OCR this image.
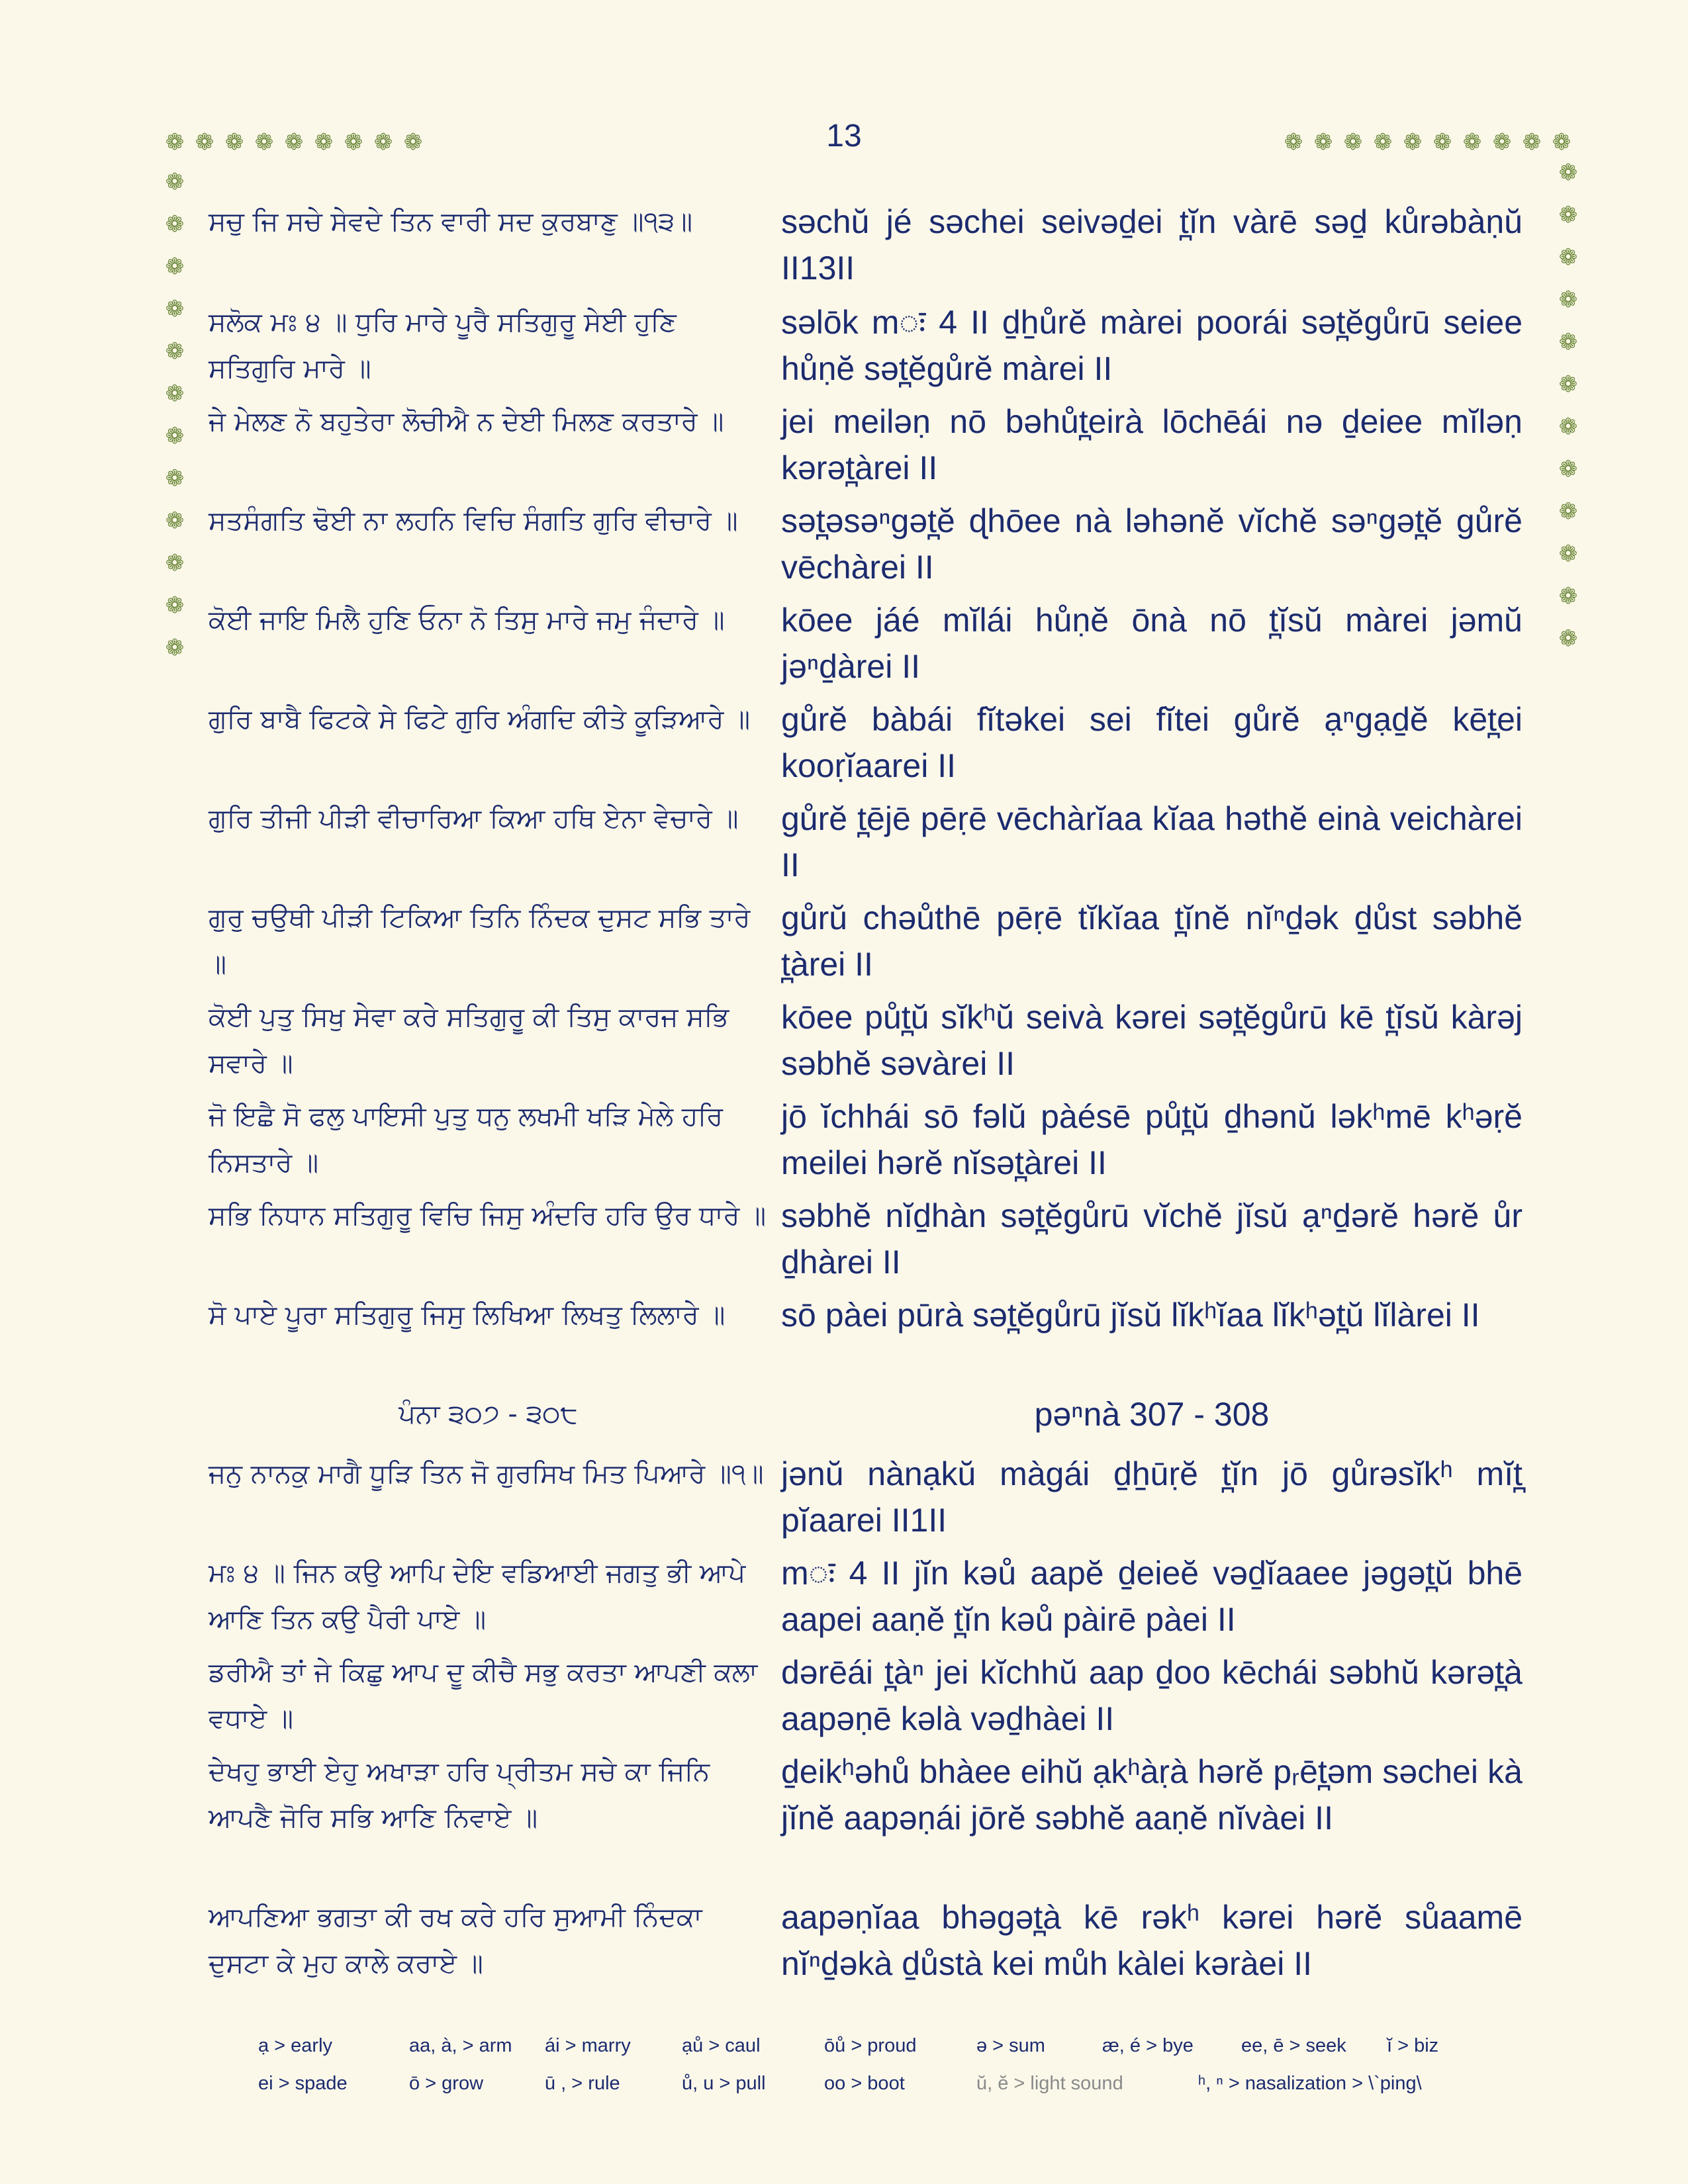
13
❁ ❁ ❁ ❁ ❁ ❁ ❁ ❁ ❁
❁
❁
❁
❁
❁
❁
❁
❁
❁
❁
❁
❁
❁ ❁ ❁ ❁ ❁ ❁ ❁ ❁ ❁ ❁
❁
❁
❁
❁
❁
❁
❁
❁
❁
❁
❁
❁
ਸਚੁ ਜਿ ਸਚੇ ਸੇਵਦੇ ਤਿਨ ਵਾਰੀ ਸਦ ਕੁਰਬਾਣੁ ॥੧੩॥	səchŭ jé səchei seivəd̠ei t̪ĭn vàrē səd̠ kůrəbàṇŭ II13II
ਸਲੋਕ ਮਃ ੪ ॥ ਧੁਰਿ ਮਾਰੇ ਪੂਰੈ ਸਤਿਗੁਰੂ ਸੇਈ ਹੁਣਿ ਸਤਿਗੁਰਿ ਮਾਰੇ ॥
səlōk mः 4 II d̠h̠ůrĕ màrei poorái sət̪ĕgůrū seiee hůṇĕ sət̪ĕgůrĕ màrei II
ਜੇ ਮੇਲਣ ਨੋ ਬਹੁਤੇਰਾ ਲੋਚੀਐ ਨ ਦੇਈ ਮਿਲਣ ਕਰਤਾਰੇ ॥	jei meiləṇ nō bəhůt̪eirà lōchēái nə d̠eiee mĭləṇ kərət̪àrei II
ਸਤਸੰਗਤਿ ਢੋਈ ਨਾ ਲਹਨਿ ਵਿਚਿ ਸੰਗਤਿ ਗੁਰਿ ਵੀਚਾਰੇ ॥	sət̪əsəⁿgət̪ĕ ɖhōee nà ləhənĕ vĭchĕ səⁿgət̪ĕ gůrĕ vēchàrei II
ਕੋਈ ਜਾਇ ਮਿਲੈ ਹੁਣਿ ਓਨਾ ਨੋ ਤਿਸੁ ਮਾਰੇ ਜਮੁ ਜੰਦਾਰੇ ॥	kōee jáé mĭlái hůṇĕ ōnà nō t̪ĭsŭ màrei jəmŭ jəⁿd̠àrei II
ਗੁਰਿ ਬਾਬੈ ਫਿਟਕੇ ਸੇ ਫਿਟੇ ਗੁਰਿ ਅੰਗਦਿ ਕੀਤੇ ਕੂੜਿਆਰੇ ॥ gůrĕ bàbái fĭtəkei sei fĭtei gůrĕ ạⁿgạd̠ĕ kēt̪ei kooṛĭaarei II
ਗੁਰਿ ਤੀਜੀ ਪੀੜੀ ਵੀਚਾਰਿਆ ਕਿਆ ਹਥਿ ਏਨਾ ਵੇਚਾਰੇ ॥	gůrĕ t̪ējē pēṛē vēchàrĭaa kĭaa həthĕ einà veichàrei II
ਗੁਰੁ ਚਉਥੀ ਪੀੜੀ ਟਿਕਿਆ ਤਿਨਿ ਨਿੰਦਕ ਦੁਸਟ ਸਭਿ ਤਾਰੇ ॥
gůrŭ chəůthē pēṛē tĭkĭaa t̪ĭnĕ nĭⁿd̠ək d̠ůst səbhĕ t̪àrei II
ਕੋਈ ਪੁਤੁ ਸਿਖੁ ਸੇਵਾ ਕਰੇ ਸਤਿਗੁਰੂ ਕੀ ਤਿਸੁ ਕਾਰਜ ਸਭਿ ਸਵਾਰੇ ॥
kōee půt̪ŭ sĭkʰŭ seivà kərei sət̪ĕgůrū kē t̪ĭsŭ kàrəj səbhĕ səvàrei II
ਜੋ ਇਛੈ ਸੋ ਫਲੁ ਪਾਇਸੀ ਪੁਤੁ ਧਨੁ ਲਖਮੀ ਖੜਿ ਮੇਲੇ ਹਰਿ ਨਿਸਤਾਰੇ ॥
jō ĭchhái sō fəlŭ pàésē půt̪ŭ d̠hənŭ ləkʰmē kʰəṛĕ meilei hərĕ nĭsət̪àrei II
ਸਭਿ ਨਿਧਾਨ ਸਤਿਗੁਰੂ ਵਿਚਿ ਜਿਸੁ ਅੰਦਰਿ ਹਰਿ ਉਰ ਧਾਰੇ ॥ səbhĕ nĭd̠hàn sət̪ĕgůrū vĭchĕ jĭsŭ ạⁿd̠ərĕ hərĕ ůr d̠hàrei II
ਸੋ ਪਾਏ ਪੂਰਾ ਸਤਿਗੁਰੂ ਜਿਸੁ ਲਿਖਿਆ ਲਿਖਤੁ ਲਿਲਾਰੇ ॥	sō pàei pūrà sət̪ĕgůrū jĭsŭ lĭkʰĭaa lĭkʰət̪ŭ lĭlàrei II
ਪੰਨਾ ੩੦੭ - ੩੦੮	pəⁿnà 307 - 308
ਜਨੁ ਨਾਨਕੁ ਮਾਗੈ ਧੂੜਿ ਤਿਨ ਜੋ ਗੁਰਸਿਖ ਮਿਤ ਪਿਆਰੇ ॥੧॥ jənŭ nànạkŭ màgái d̠h̠ūṛĕ t̪ĭn jō gůrəsĭkʰ mĭt̪ pĭaarei II1II
ਮਃ ੪ ॥ ਜਿਨ ਕਉ ਆਪਿ ਦੇਇ ਵਡਿਆਈ ਜਗਤੁ ਭੀ ਆਪੇ ਆਣਿ ਤਿਨ ਕਉ ਪੈਰੀ ਪਾਏ ॥
mः 4 II jĭn kəů aapĕ d̠eieĕ vəd̠ĭaaee jəgət̪ŭ bhē aapei aaṇĕ t̪ĭn kəů pàirē pàei II
ਡਰੀਐ ਤਾਂ ਜੇ ਕਿਛੁ ਆਪ ਦੂ ਕੀਚੈ ਸਭੁ ਕਰਤਾ ਆਪਣੀ ਕਲਾ ਵਧਾਏ ॥
dərēái t̪àⁿ jei kĭchhŭ aap d̠oo kēchái səbhŭ kərət̪à aapəṇē kəlà vəd̠hàei II
ਦੇਖਹੁ ਭਾਈ ਏਹੁ ਅਖਾੜਾ ਹਰਿ ਪ੍ਰੀਤਮ ਸਚੇ ਕਾ ਜਿਨਿ ਆਪਣੈ ਜੋਰਿ ਸਭਿ ਆਣਿ ਨਿਵਾਏ ॥
d̠eikʰəhů bhàee eihŭ ạkʰàṛà hərĕ pᵣēt̪əm səchei kà jĭnĕ aapəṇái jōrĕ səbhĕ aaṇĕ nĭvàei II
ਆਪਣਿਆ ਭਗਤਾ ਕੀ ਰਖ ਕਰੇ ਹਰਿ ਸੁਆਮੀ ਨਿੰਦਕਾ ਦੁਸਟਾ ਕੇ ਮੁਹ ਕਾਲੇ ਕਰਾਏ ॥
aapəṇĭaa bhəgət̪à kē rəkʰ kərei hərĕ sůaamē nĭⁿd̠əkà d̠ůstà kei můh kàlei kəràei II
ạ > early	aa, à, > arm ái > marry	ạů > caul	ōů > proud	ə > sum	æ, é > bye ee, ē > seek ĭ > biz
ei > spade	ō > grow	ū , > rule	ů, u > pull	oo > boot	ŭ, ĕ > light sound	ʰ, ⁿ > nasalization > \`ping\
